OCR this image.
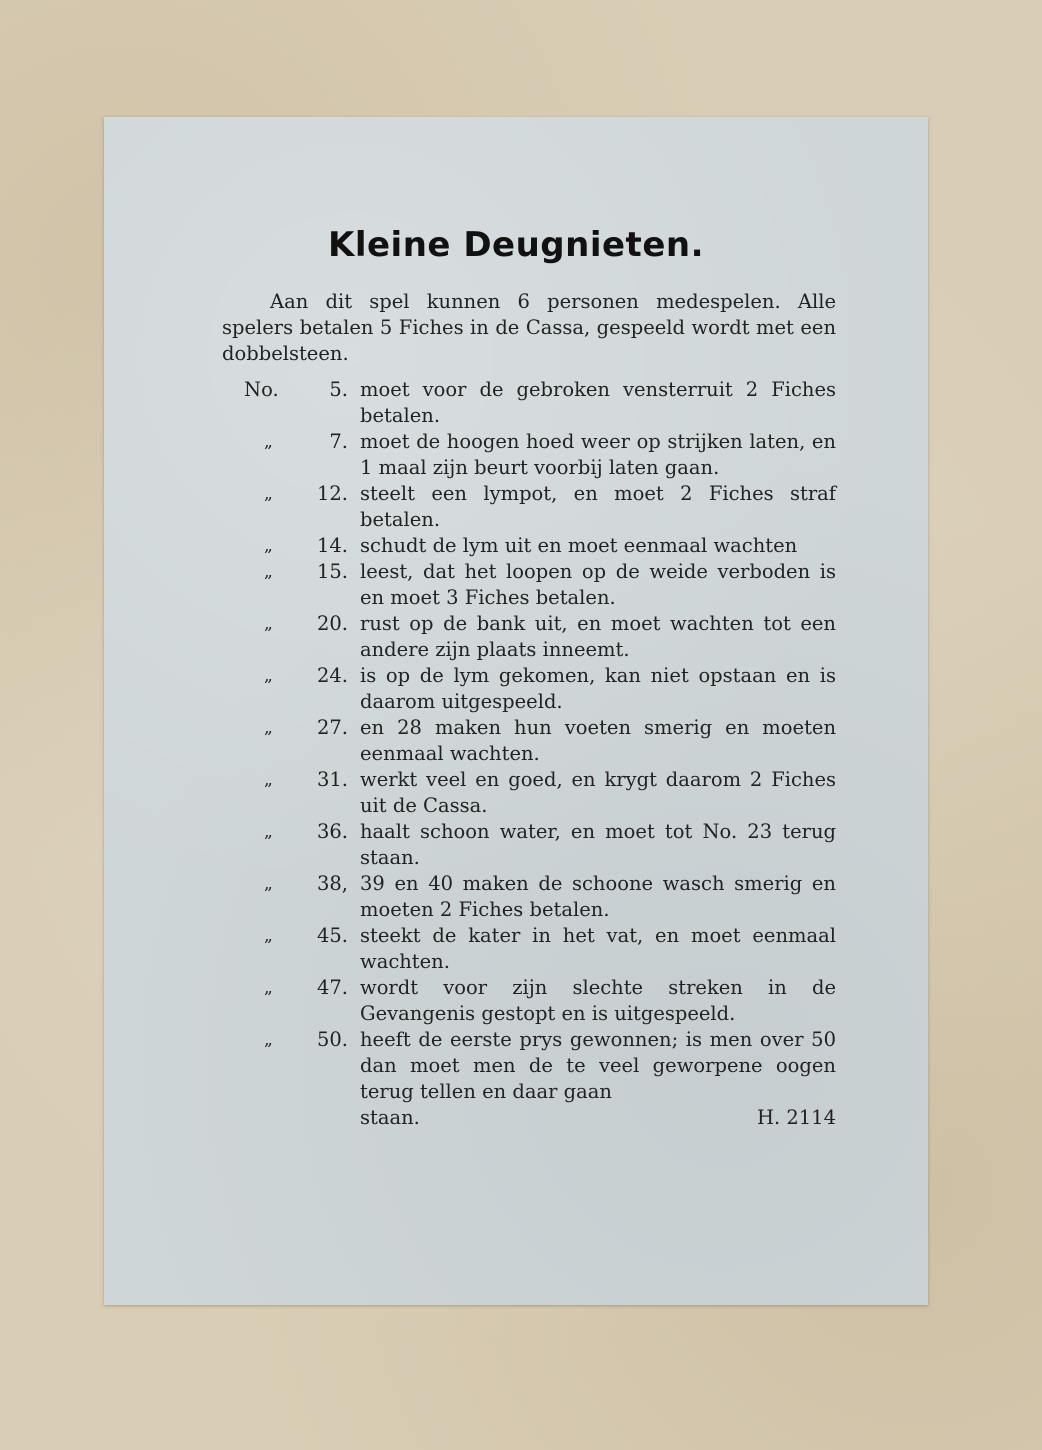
Kleine Deugnieten.
Aan dit spel kunnen 6 personen medespelen. Alle spelers betalen 5 Fiches in de Cassa, gespeeld wordt met een dobbelsteen.
No.	5. moet voor de gebroken vensterruit 2 Fiches betalen.
„	7. moet de hoogen hoed weer op strijken laten, en 1 maal zijn beurt voorbij laten gaan.
„	12. steelt een lympot, en moet 2 Fiches straf betalen.
„	14. schudt de lym uit en moet eenmaal wachten
„	15. leest, dat het loopen op de weide verboden is en moet 3 Fiches betalen.
„	20. rust op de bank uit, en moet wachten tot een andere zijn plaats inneemt.
„	24. is op de lym gekomen, kan niet opstaan en is daarom uitgespeeld.
„	27. en 28 maken hun voeten smerig en moeten eenmaal wachten.
„	31. werkt veel en goed, en krygt daarom 2 Fiches uit de Cassa.
„	36. haalt schoon water, en moet tot No. 23 terug staan.
„	38, 39 en 40 maken de schoone wasch smerig en moeten 2 Fiches betalen.
„	45. steekt de kater in het vat, en moet eenmaal wachten.
„	47. wordt voor zijn slechte streken in de Gevangenis gestopt en is uitgespeeld.
„	50. heeft de eerste prys gewonnen; is men over 50 dan moet men de te veel geworpene oogen terug tellen en daar gaan
staan.	H. 2114
